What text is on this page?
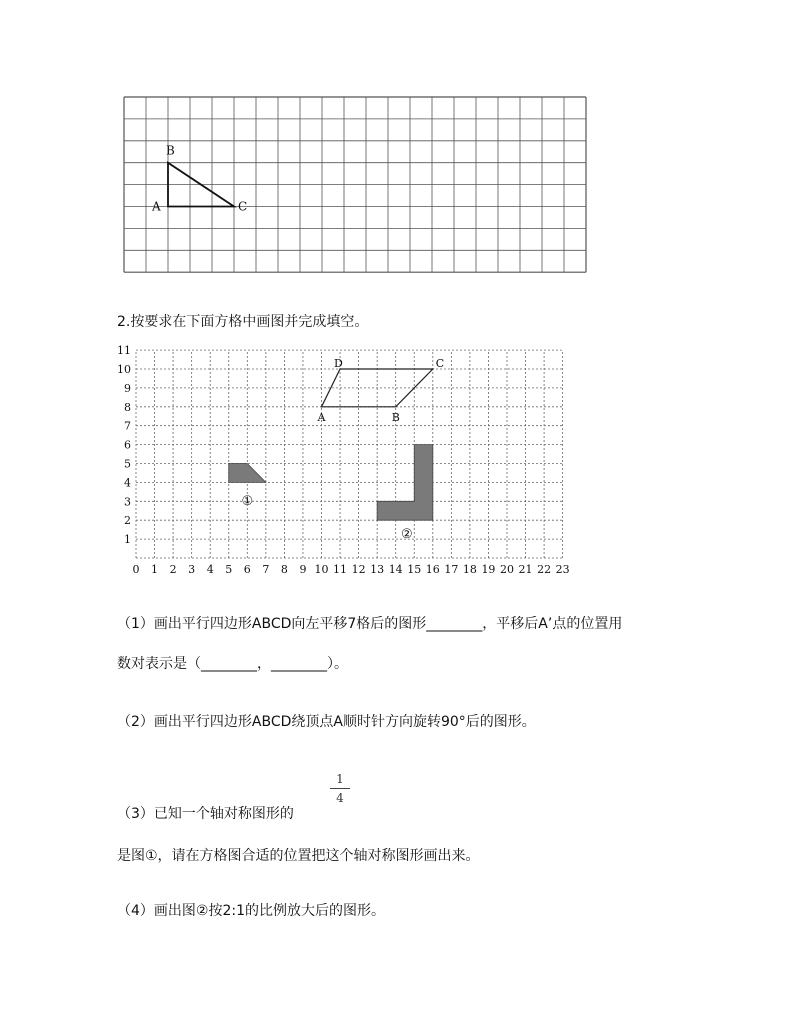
B
A	C
2.按要求在下面方格中画图并完成填空。
0 1 2 3 4 5 6 7 8 9 10 11 12 13 14 15 16 17 18 19 20 21 22 23
1
2
3
4
5
6
7
8
9
10
11
A	B
C
D
①
②
（1）画出平行四边形ABCD向左平移7格后的图形________，平移后A’点的位置用
数对表示是（________，________）。
（2）画出平行四边形ABCD绕顶点A顺时针方向旋转90°后的图形。
（3）已知一个轴对称图形的
1
4
是图①，请在方格图合适的位置把这个轴对称图形画出来。
（4）画出图②按2:1的比例放大后的图形。
